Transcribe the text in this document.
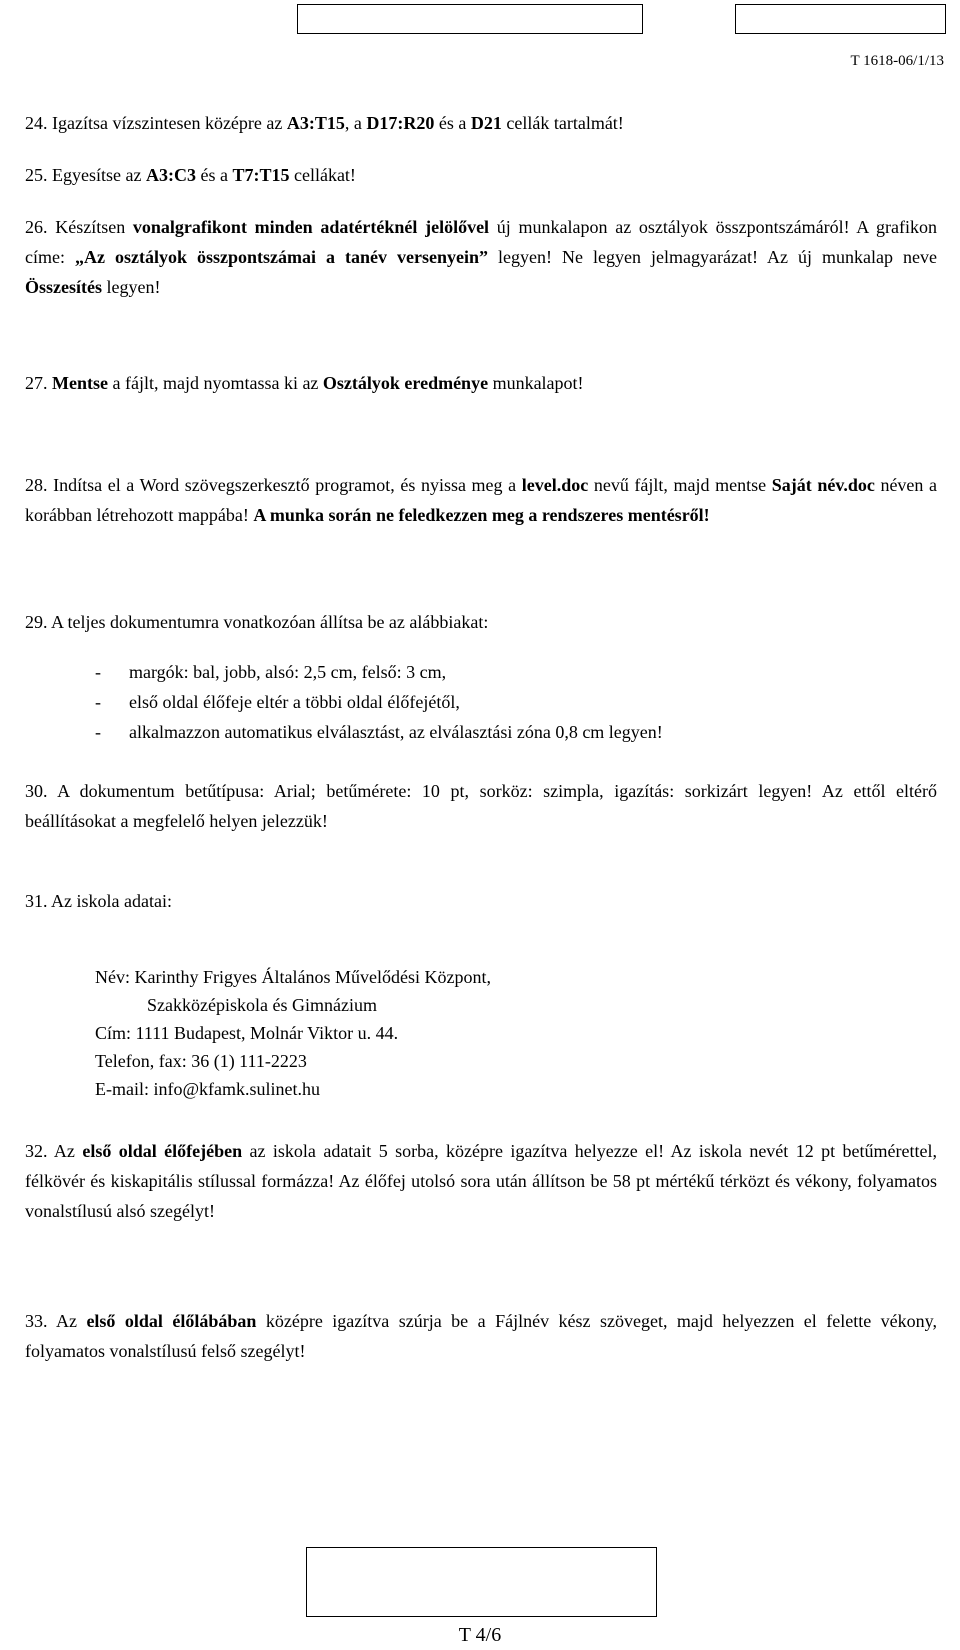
T 1618-06/1/13
24. Igazítsa vízszintesen középre az A3:T15, a D17:R20 és a D21 cellák tartalmát!
25. Egyesítse az A3:C3 és a T7:T15 cellákat!
26. Készítsen vonalgrafikont minden adatértéknél jelölővel új munkalapon az osztályok összpontszámáról! A grafikon címe: „Az osztályok összpontszámai a tanév versenyein” legyen! Ne legyen jelmagyarázat! Az új munkalap neve Összesítés legyen!
27. Mentse a fájlt, majd nyomtassa ki az Osztályok eredménye munkalapot!
28. Indítsa el a Word szövegszerkesztő programot, és nyissa meg a level.doc nevű fájlt, majd mentse Saját név.doc néven a korábban létrehozott mappába! A munka során ne feledkezzen meg a rendszeres mentésről!
29. A teljes dokumentumra vonatkozóan állítsa be az alábbiakat:
- margók: bal, jobb, alsó: 2,5 cm, felső: 3 cm,
- első oldal élőfeje eltér a többi oldal élőfejétől,
- alkalmazzon automatikus elválasztást, az elválasztási zóna 0,8 cm legyen!
30. A dokumentum betűtípusa: Arial; betűmérete: 10 pt, sorköz: szimpla, igazítás: sorkizárt legyen! Az ettől eltérő beállításokat a megfelelő helyen jelezzük!
31. Az iskola adatai:
Név: Karinthy Frigyes Általános Művelődési Központ,
Szakközépiskola és Gimnázium
Cím: 1111 Budapest, Molnár Viktor u. 44.
Telefon, fax: 36 (1) 111-2223
E-mail: info@kfamk.sulinet.hu
32. Az első oldal élőfejében az iskola adatait 5 sorba, középre igazítva helyezze el! Az iskola nevét 12 pt betűmérettel, félkövér és kiskapitális stílussal formázza! Az élőfej utolsó sora után állítson be 58 pt mértékű térközt és vékony, folyamatos vonalstílusú alsó szegélyt!
33. Az első oldal élőlábában középre igazítva szúrja be a Fájlnév kész szöveget, majd helyezzen el felette vékony, folyamatos vonalstílusú felső szegélyt!
T 4/6
